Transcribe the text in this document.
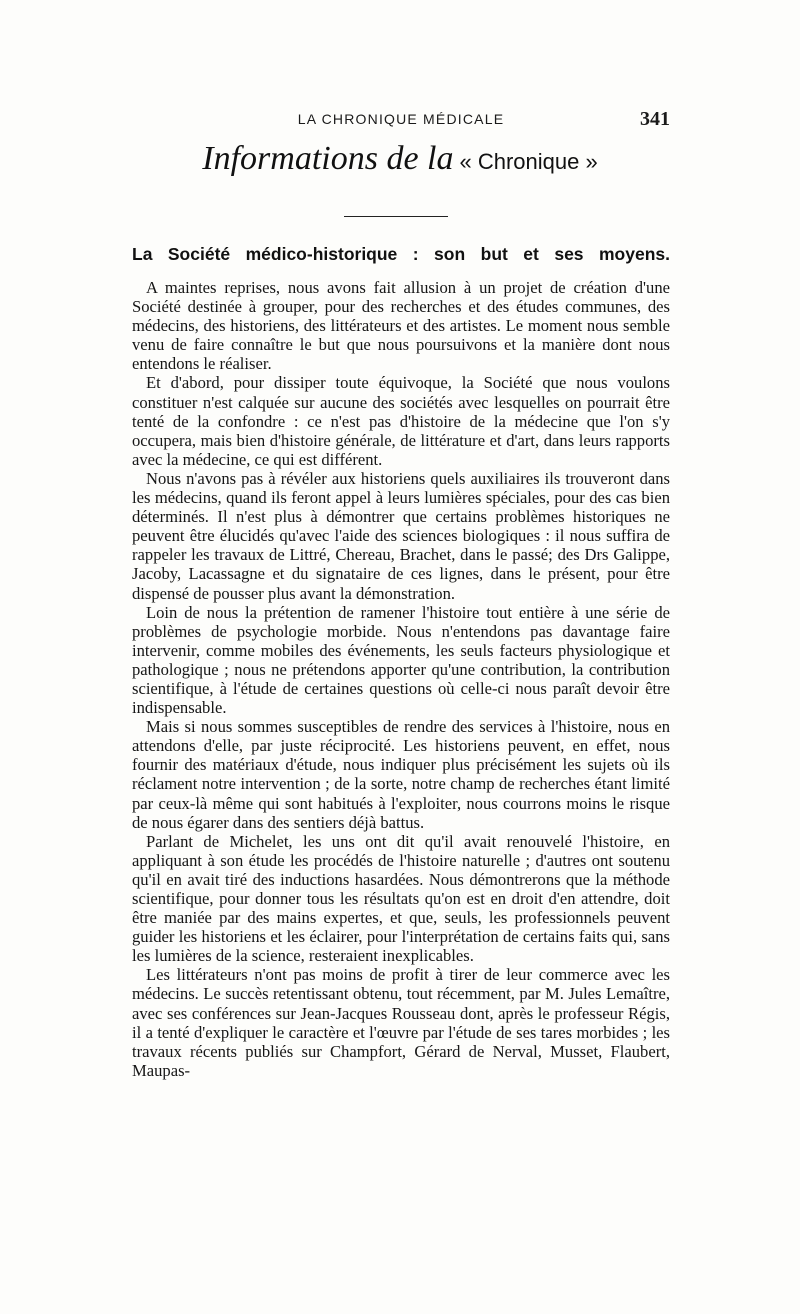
LA CHRONIQUE MÉDICALE	341
Informations de la « Chronique »
La Société médico-historique : son but et ses moyens.

A maintes reprises, nous avons fait allusion à un projet de création d'une Société destinée à grouper, pour des recherches et des études communes, des médecins, des historiens, des littérateurs et des artistes. Le moment nous semble venu de faire connaître le but que nous poursuivons et la manière dont nous entendons le réaliser.

Et d'abord, pour dissiper toute équivoque, la Société que nous voulons constituer n'est calquée sur aucune des sociétés avec lesquelles on pourrait être tenté de la confondre : ce n'est pas d'histoire de la médecine que l'on s'y occupera, mais bien d'histoire générale, de littérature et d'art, dans leurs rapports avec la médecine, ce qui est différent.

Nous n'avons pas à révéler aux historiens quels auxiliaires ils trouveront dans les médecins, quand ils feront appel à leurs lumières spéciales, pour des cas bien déterminés. Il n'est plus à démontrer que certains problèmes historiques ne peuvent être élucidés qu'avec l'aide des sciences biologiques : il nous suffira de rappeler les travaux de Littré, Chereau, Brachet, dans le passé; des Drs Galippe, Jacoby, Lacassagne et du signataire de ces lignes, dans le présent, pour être dispensé de pousser plus avant la démonstration.

Loin de nous la prétention de ramener l'histoire tout entière à une série de problèmes de psychologie morbide. Nous n'entendons pas davantage faire intervenir, comme mobiles des événements, les seuls facteurs physiologique et pathologique ; nous ne prétendons apporter qu'une contribution, la contribution scientifique, à l'étude de certaines questions où celle-ci nous paraît devoir être indispensable.

Mais si nous sommes susceptibles de rendre des services à l'histoire, nous en attendons d'elle, par juste réciprocité. Les historiens peuvent, en effet, nous fournir des matériaux d'étude, nous indiquer plus précisément les sujets où ils réclament notre intervention ; de la sorte, notre champ de recherches étant limité par ceux-là même qui sont habitués à l'exploiter, nous courrons moins le risque de nous égarer dans des sentiers déjà battus.

Parlant de Michelet, les uns ont dit qu'il avait renouvelé l'histoire, en appliquant à son étude les procédés de l'histoire naturelle ; d'autres ont soutenu qu'il en avait tiré des inductions hasardées. Nous démontrerons que la méthode scientifique, pour donner tous les résultats qu'on est en droit d'en attendre, doit être maniée par des mains expertes, et que, seuls, les professionnels peuvent guider les historiens et les éclairer, pour l'interprétation de certains faits qui, sans les lumières de la science, resteraient inexplicables.

Les littérateurs n'ont pas moins de profit à tirer de leur commerce avec les médecins. Le succès retentissant obtenu, tout récemment, par M. Jules Lemaître, avec ses conférences sur Jean-Jacques Rousseau dont, après le professeur Régis, il a tenté d'expliquer le caractère et l'œuvre par l'étude de ses tares morbides ; les travaux récents publiés sur Champfort, Gérard de Nerval, Musset, Flaubert, Maupas-
